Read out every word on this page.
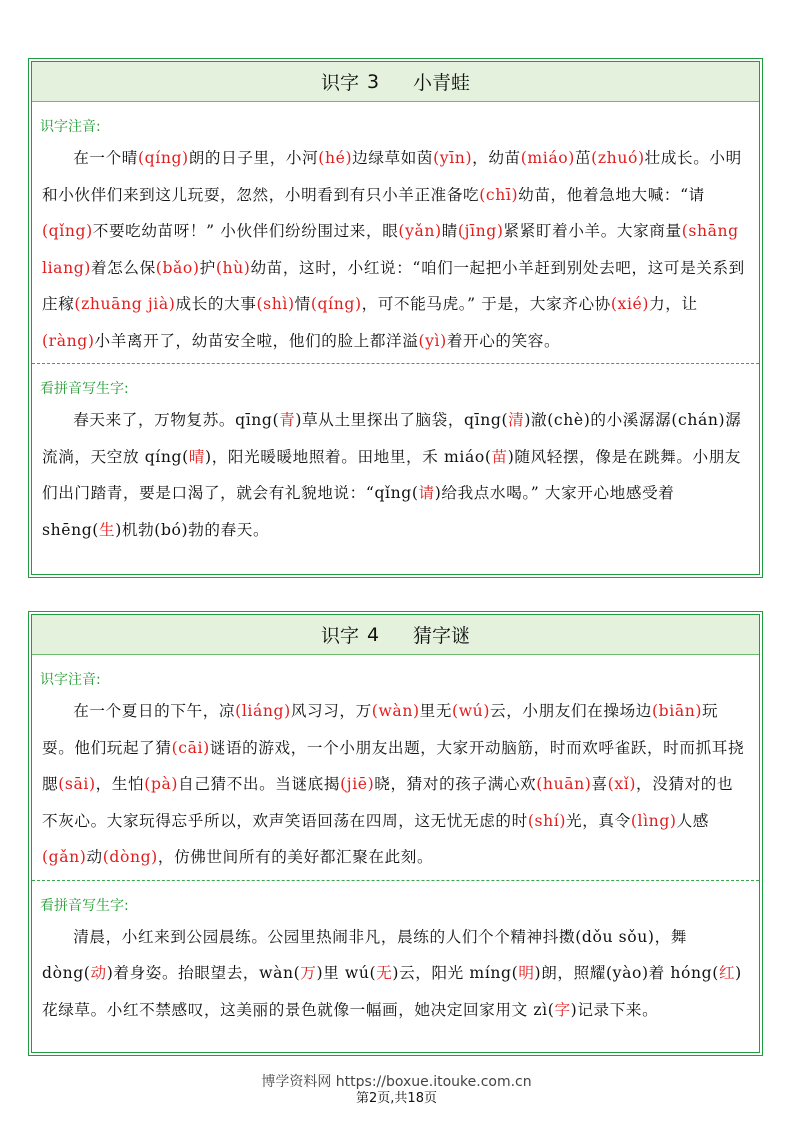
识字 3 小青蛙
识字注音:
在一个晴(qíng)朗的日子里，小河(hé)边绿草如茵(yīn)，幼苗(miáo)茁(zhuó)壮成长。小明和小伙伴们来到这儿玩耍，忽然，小明看到有只小羊正准备吃(chī)幼苗，他着急地大喊：“请(qǐng)不要吃幼苗呀！” 小伙伴们纷纷围过来，眼(yǎn)睛(jīng)紧紧盯着小羊。大家商量(shāng liang)着怎么保(bǎo)护(hù)幼苗，这时，小红说：“咱们一起把小羊赶到别处去吧，这可是关系到庄稼(zhuāng jià)成长的大事(shì)情(qíng)，可不能马虎。” 于是，大家齐心协(xié)力，让(ràng)小羊离开了，幼苗安全啦，他们的脸上都洋溢(yì)着开心的笑容。
看拼音写生字:
春天来了，万物复苏。qīng(青)草从土里探出了脑袋，qīng(清)澈(chè)的小溪潺潺(chán)潺流淌，天空放 qíng(晴)，阳光暖暖地照着。田地里，禾 miáo(苗)随风轻摆，像是在跳舞。小朋友们出门踏青，要是口渴了，就会有礼貌地说：“qǐng(请)给我点水喝。” 大家开心地感受着 shēng(生)机勃(bó)勃的春天。
识字 4 猜字谜
识字注音:
在一个夏日的下午，凉(liáng)风习习，万(wàn)里无(wú)云，小朋友们在操场边(biān)玩耍。他们玩起了猜(cāi)谜语的游戏，一个小朋友出题，大家开动脑筋，时而欢呼雀跃，时而抓耳挠腮(sāi)，生怕(pà)自己猜不出。当谜底揭(jiē)晓，猜对的孩子满心欢(huān)喜(xǐ)，没猜对的也不灰心。大家玩得忘乎所以，欢声笑语回荡在四周，这无忧无虑的时(shí)光，真令(lìng)人感(gǎn)动(dòng)，仿佛世间所有的美好都汇聚在此刻。
看拼音写生字:
清晨，小红来到公园晨练。公园里热闹非凡，晨练的人们个个精神抖擞(dǒu sǒu)，舞 dòng(动)着身姿。抬眼望去，wàn(万)里 wú(无)云，阳光 míng(明)朗，照耀(yào)着 hóng(红)花绿草。小红不禁感叹，这美丽的景色就像一幅画，她决定回家用文 zì(字)记录下来。
博学资料网 https://boxue.itouke.com.cn
第2页,共18页
